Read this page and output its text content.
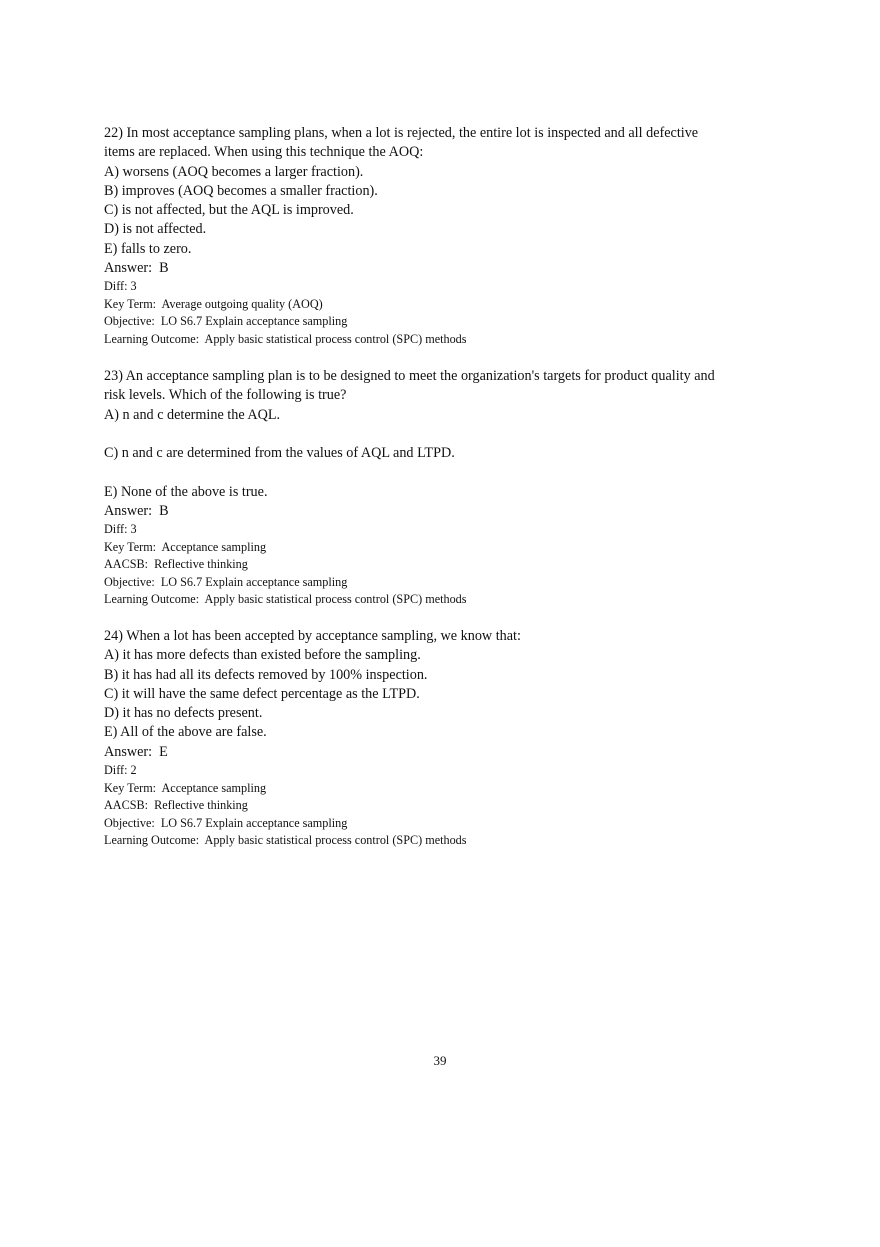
22) In most acceptance sampling plans, when a lot is rejected, the entire lot is inspected and all defective items are replaced. When using this technique the AOQ:

A) worsens (AOQ becomes a larger fraction).

B) improves (AOQ becomes a smaller fraction).

C) is not affected, but the AQL is improved.

D) is not affected.

E) falls to zero.

Answer:  B

Diff: 3

Key Term:  Average outgoing quality (AOQ)

Objective:  LO S6.7 Explain acceptance sampling

Learning Outcome:  Apply basic statistical process control (SPC) methods

23) An acceptance sampling plan is to be designed to meet the organization's targets for product quality and risk levels. Which of the following is true?

A) n and c determine the AQL.

C) n and c are determined from the values of AQL and LTPD.

E) None of the above is true.

Answer:  B

Diff: 3

Key Term:  Acceptance sampling

AACSB:  Reflective thinking

Objective:  LO S6.7 Explain acceptance sampling

Learning Outcome:  Apply basic statistical process control (SPC) methods

24) When a lot has been accepted by acceptance sampling, we know that:

A) it has more defects than existed before the sampling.

B) it has had all its defects removed by 100% inspection.

C) it will have the same defect percentage as the LTPD.

D) it has no defects present.

E) All of the above are false.

Answer:  E

Diff: 2

Key Term:  Acceptance sampling

AACSB:  Reflective thinking

Objective:  LO S6.7 Explain acceptance sampling

Learning Outcome:  Apply basic statistical process control (SPC) methods

39
